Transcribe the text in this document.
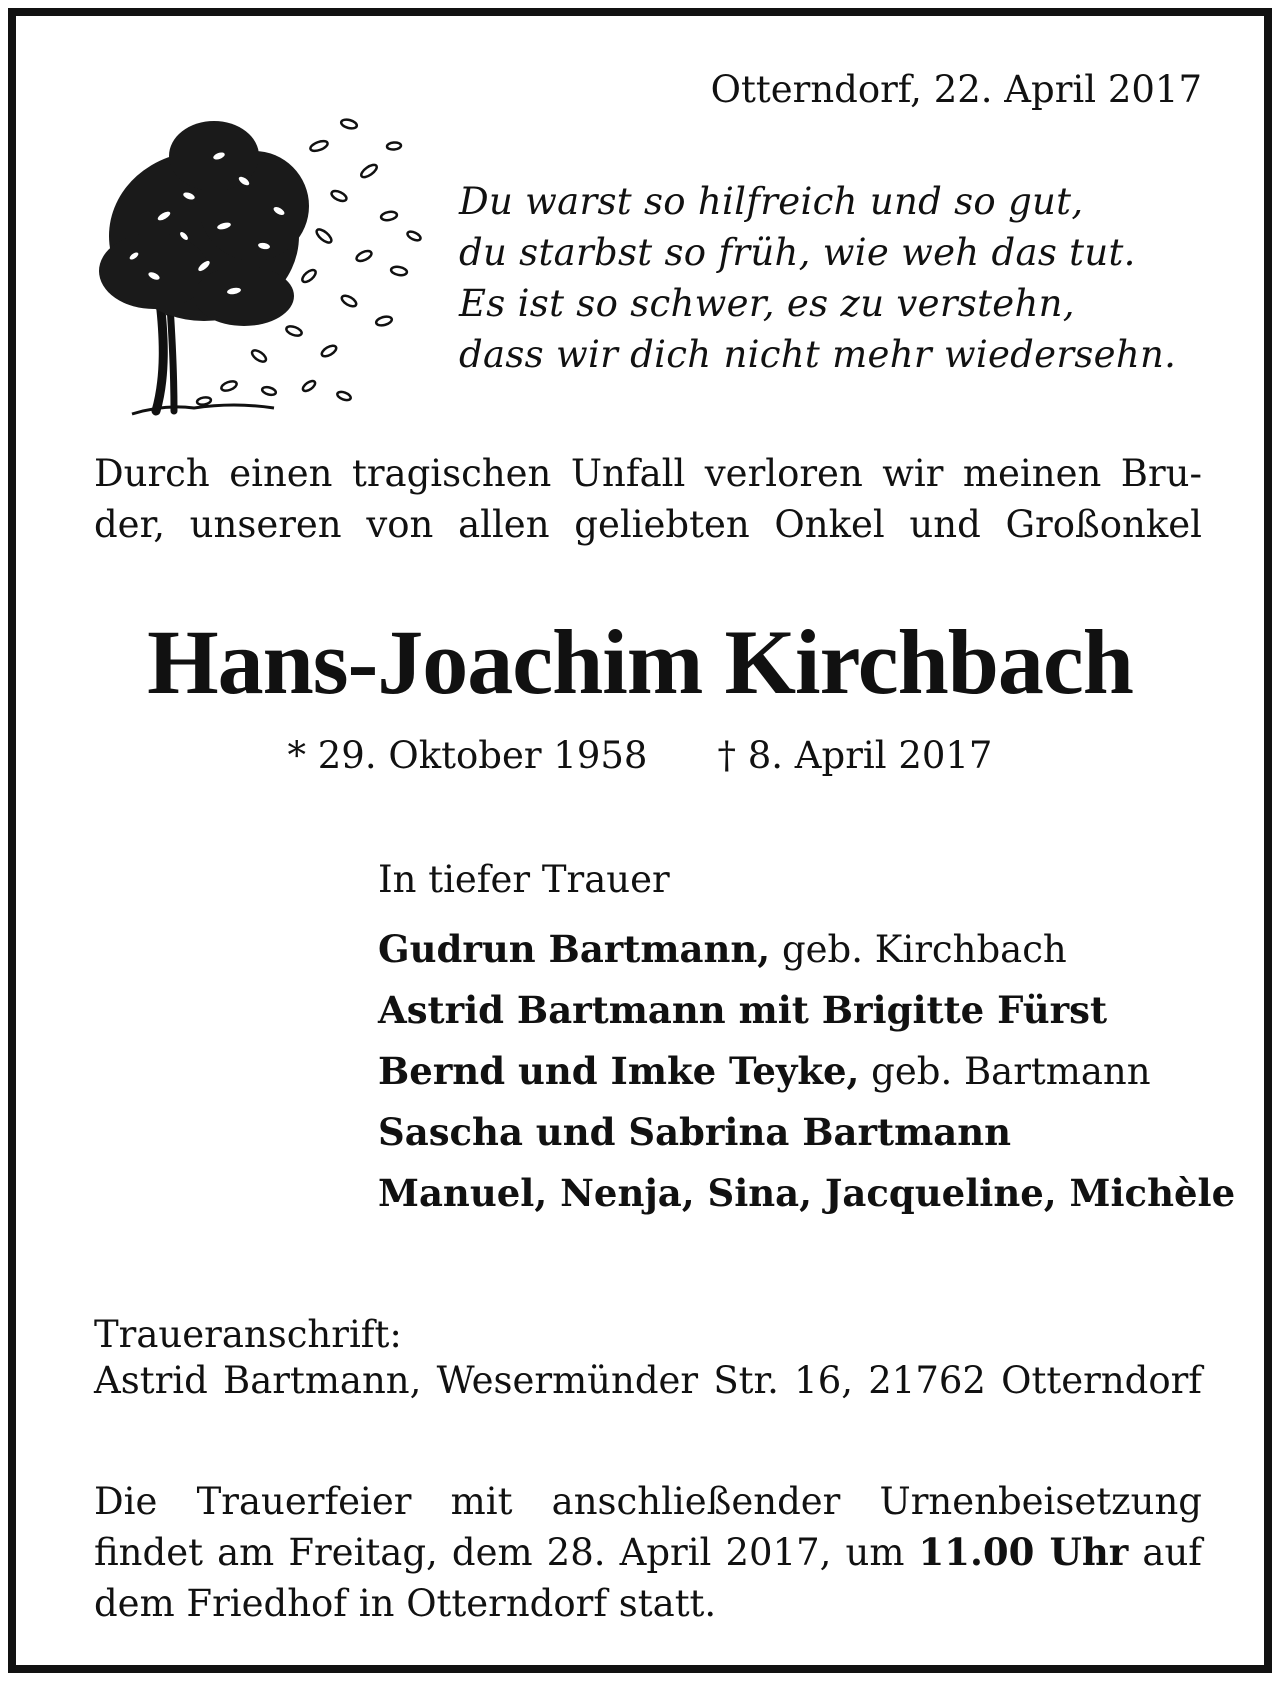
Otterndorf, 22. April 2017
Du warst so hilfreich und so gut,
du starbst so früh, wie weh das tut.
Es ist so schwer, es zu verstehn,
dass wir dich nicht mehr wiedersehn.
Durch einen tragischen Unfall verloren wir meinen Bru-
der, unseren von allen geliebten Onkel und Großonkel
Hans-Joachim Kirchbach
* 29. Oktober 1958 † 8. April 2017
In tiefer Trauer
Gudrun Bartmann, geb. Kirchbach
Astrid Bartmann mit Brigitte Fürst
Bernd und Imke Teyke, geb. Bartmann
Sascha und Sabrina Bartmann
Manuel, Nenja, Sina, Jacqueline, Michèle
Traueranschrift:
Astrid Bartmann, Wesermünder Str. 16, 21762 Otterndorf
Die Trauerfeier mit anschließender Urnenbeisetzung
findet am Freitag, dem 28. April 2017, um 11.00 Uhr auf
dem Friedhof in Otterndorf statt.
